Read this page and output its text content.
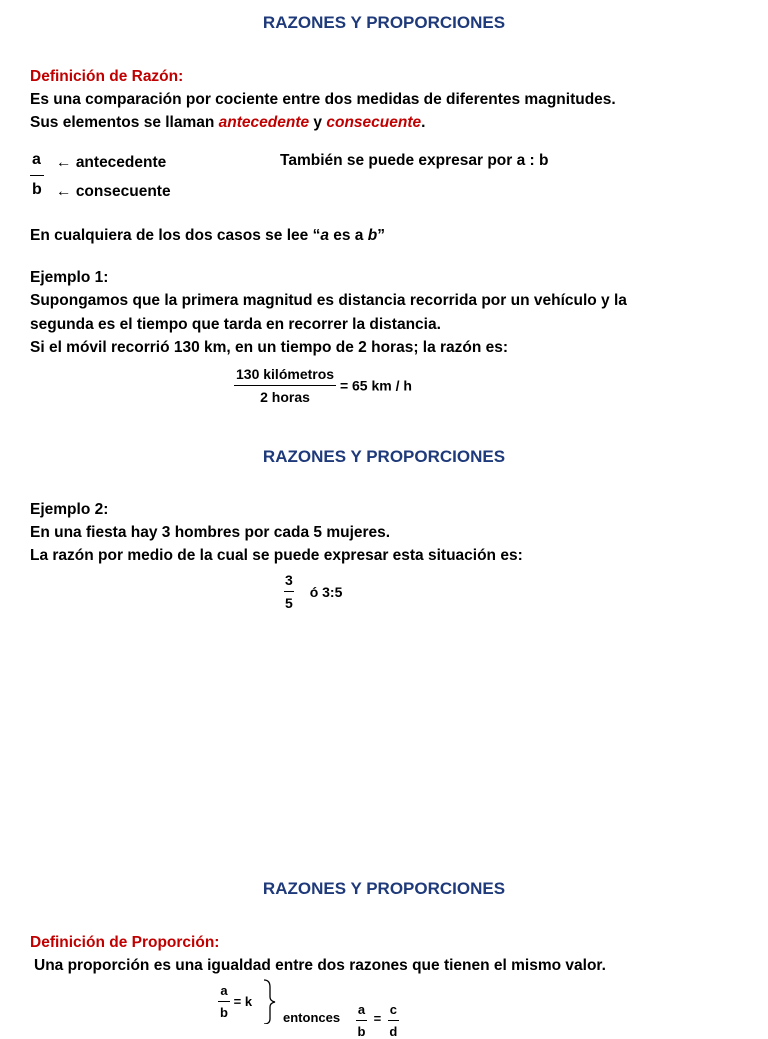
RAZONES Y PROPORCIONES
Definición de Razón:
Es una comparación por cociente entre dos medidas de diferentes magnitudes.
Sus elementos se llaman antecedente y consecuente.
a
b
← antecedente
← consecuente
También se puede expresar por a : b
En cualquiera de los dos casos se lee “a es a b”
Ejemplo 1:
Supongamos que la primera magnitud es distancia recorrida por un vehículo y la
segunda es el tiempo que tarda en recorrer la distancia.
Si el móvil recorrió 130 km, en un tiempo de 2 horas; la razón es:
130 kilómetros
2 horas
= 65 km / h
RAZONES Y PROPORCIONES
Ejemplo 2:
En una fiesta hay 3 hombres por cada 5 mujeres.
La razón por medio de la cual se puede expresar esta situación es:
$\frac{3}{5}$ ó 3:5
RAZONES Y PROPORCIONES
Definición de Proporción:
Una proporción es una igualdad entre dos razones que tienen el mismo valor.
$\frac{a}{b} = k$
entonces $\frac{a}{b} = \frac{c}{d}$
